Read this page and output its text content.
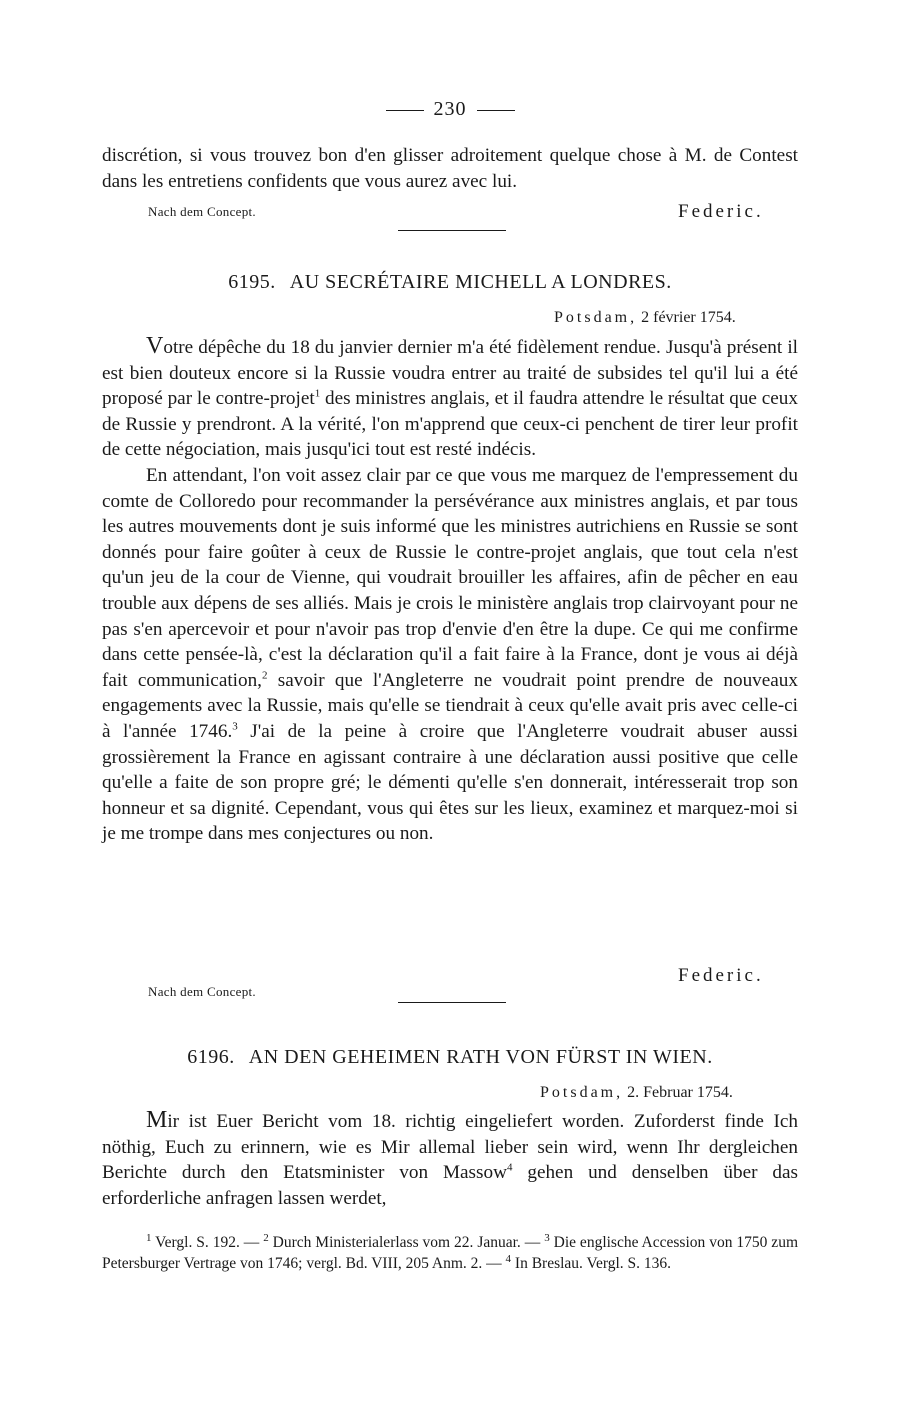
230

discrétion, si vous trouvez bon d'en glisser adroitement quelque chose à M. de Contest dans les entretiens confidents que vous aurez avec lui.

Nach dem Concept.	Federic.
6195. AU SECRÉTAIRE MICHELL A LONDRES.
Potsdam, 2 février 1754.

Votre dépêche du 18 du janvier dernier m'a été fidèlement rendue. Jusqu'à présent il est bien douteux encore si la Russie voudra entrer au traité de subsides tel qu'il lui a été proposé par le contre-projet$^1$ des ministres anglais, et il faudra attendre le résultat que ceux de Russie y prendront. A la vérité, l'on m'apprend que ceux-ci penchent de tirer leur profit de cette négociation, mais jusqu'ici tout est resté indécis.

En attendant, l'on voit assez clair par ce que vous me marquez de l'empressement du comte de Colloredo pour recommander la persévérance aux ministres anglais, et par tous les autres mouvements dont je suis informé que les ministres autrichiens en Russie se sont donnés pour faire goûter à ceux de Russie le contre-projet anglais, que tout cela n'est qu'un jeu de la cour de Vienne, qui voudrait brouiller les affaires, afin de pêcher en eau trouble aux dépens de ses alliés. Mais je crois le ministère anglais trop clairvoyant pour ne pas s'en apercevoir et pour n'avoir pas trop d'envie d'en être la dupe. Ce qui me confirme dans cette pensée-là, c'est la déclaration qu'il a fait faire à la France, dont je vous ai déjà fait communication,$^2$ savoir que l'Angleterre ne voudrait point prendre de nouveaux engagements avec la Russie, mais qu'elle se tiendrait à ceux qu'elle avait pris avec celle-ci à l'année 1746.$^3$ J'ai de la peine à croire que l'Angleterre voudrait abuser aussi grossièrement la France en agissant contraire à une déclaration aussi positive que celle qu'elle a faite de son propre gré; le démenti qu'elle s'en donnerait, intéresserait trop son honneur et sa dignité. Cependant, vous qui êtes sur les lieux, examinez et marquez-moi si je me trompe dans mes conjectures ou non.

Federic.
Nach dem Concept.
6196. AN DEN GEHEIMEN RATH VON FÜRST IN WIEN.
Potsdam, 2. Februar 1754.

Mir ist Euer Bericht vom 18. richtig eingeliefert worden. Zuforderst finde Ich nöthig, Euch zu erinnern, wie es Mir allemal lieber sein wird, wenn Ihr dergleichen Berichte durch den Etatsminister von Massow$^4$ gehen und denselben über das erforderliche anfragen lassen werdet,

$^1$ Vergl. S. 192. — $^2$ Durch Ministerialerlass vom 22. Januar. — $^3$ Die englische Accession von 1750 zum Petersburger Vertrage von 1746; vergl. Bd. VIII, 205 Anm. 2. — $^4$ In Breslau. Vergl. S. 136.
